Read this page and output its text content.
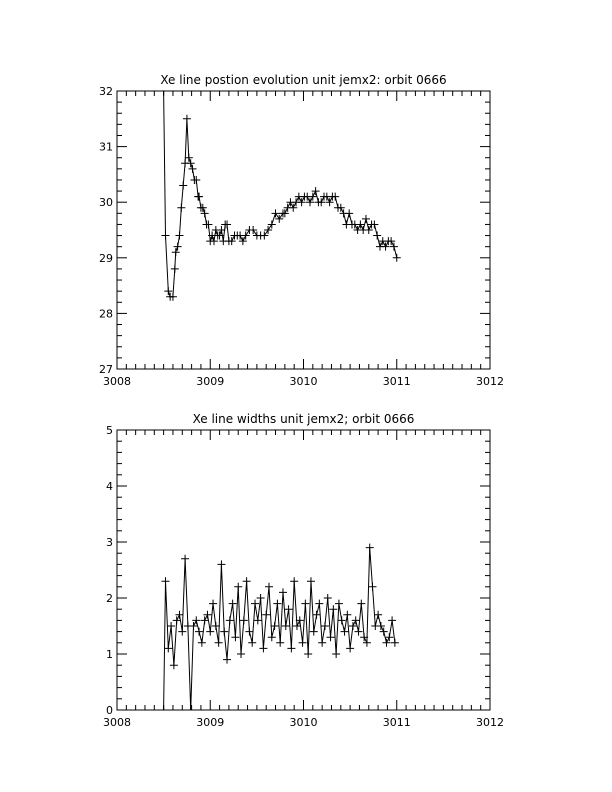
Xe line postion evolution unit jemx2: orbit 0666
3008	3009	3010	3011	3012
27
28
29
30
31
32
Xe line widths unit jemx2; orbit 0666
3008	3009	3010	3011	3012
0
1
2
3
4
5
